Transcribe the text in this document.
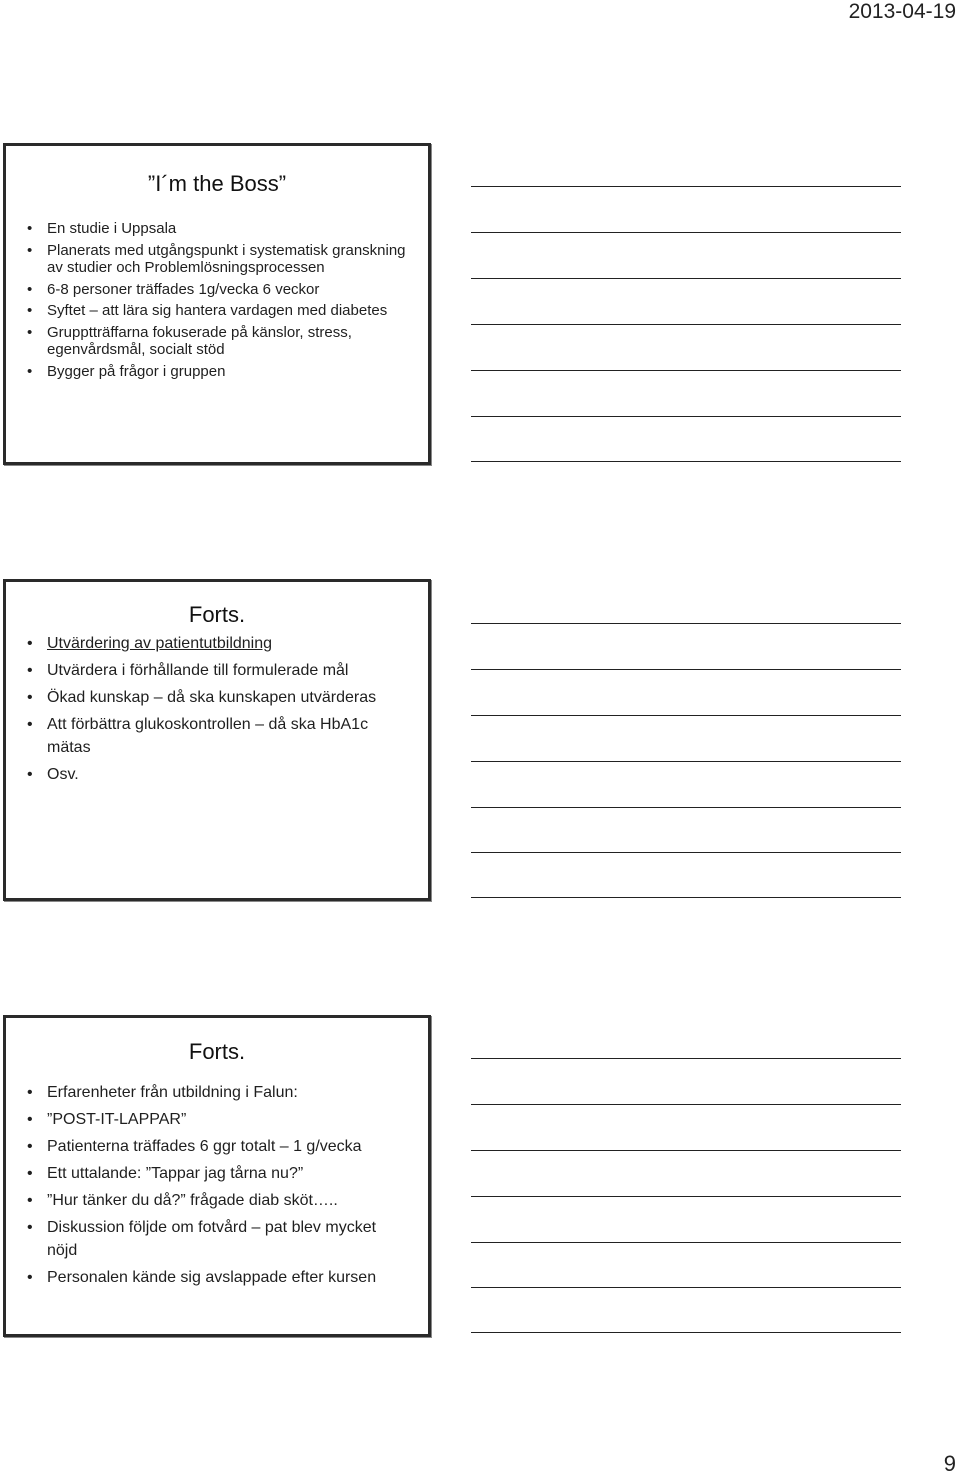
2013-04-19
”I´m the Boss”
• En studie i Uppsala
• Planerats med utgångspunkt i systematisk granskning av studier och Problemlösningsprocessen
• 6-8 personer träffades 1g/vecka 6 veckor
• Syftet – att lära sig hantera vardagen med diabetes
• Grupptträffarna fokuserade på känslor, stress, egenvårdsmål, socialt stöd
• Bygger på frågor i gruppen
Forts.
• Utvärdering av patientutbildning
• Utvärdera i förhållande till formulerade mål
• Ökad kunskap – då ska kunskapen utvärderas
• Att förbättra glukoskontrollen – då ska HbA1c mätas
• Osv.
Forts.
• Erfarenheter från utbildning i Falun:
• ”POST-IT-LAPPAR”
• Patienterna träffades 6 ggr totalt – 1 g/vecka
• Ett uttalande: ”Tappar jag tårna nu?”
• ”Hur tänker du då?” frågade diab sköt…..
• Diskussion följde om fotvård – pat blev mycket nöjd
• Personalen kände sig avslappade efter kursen
9
